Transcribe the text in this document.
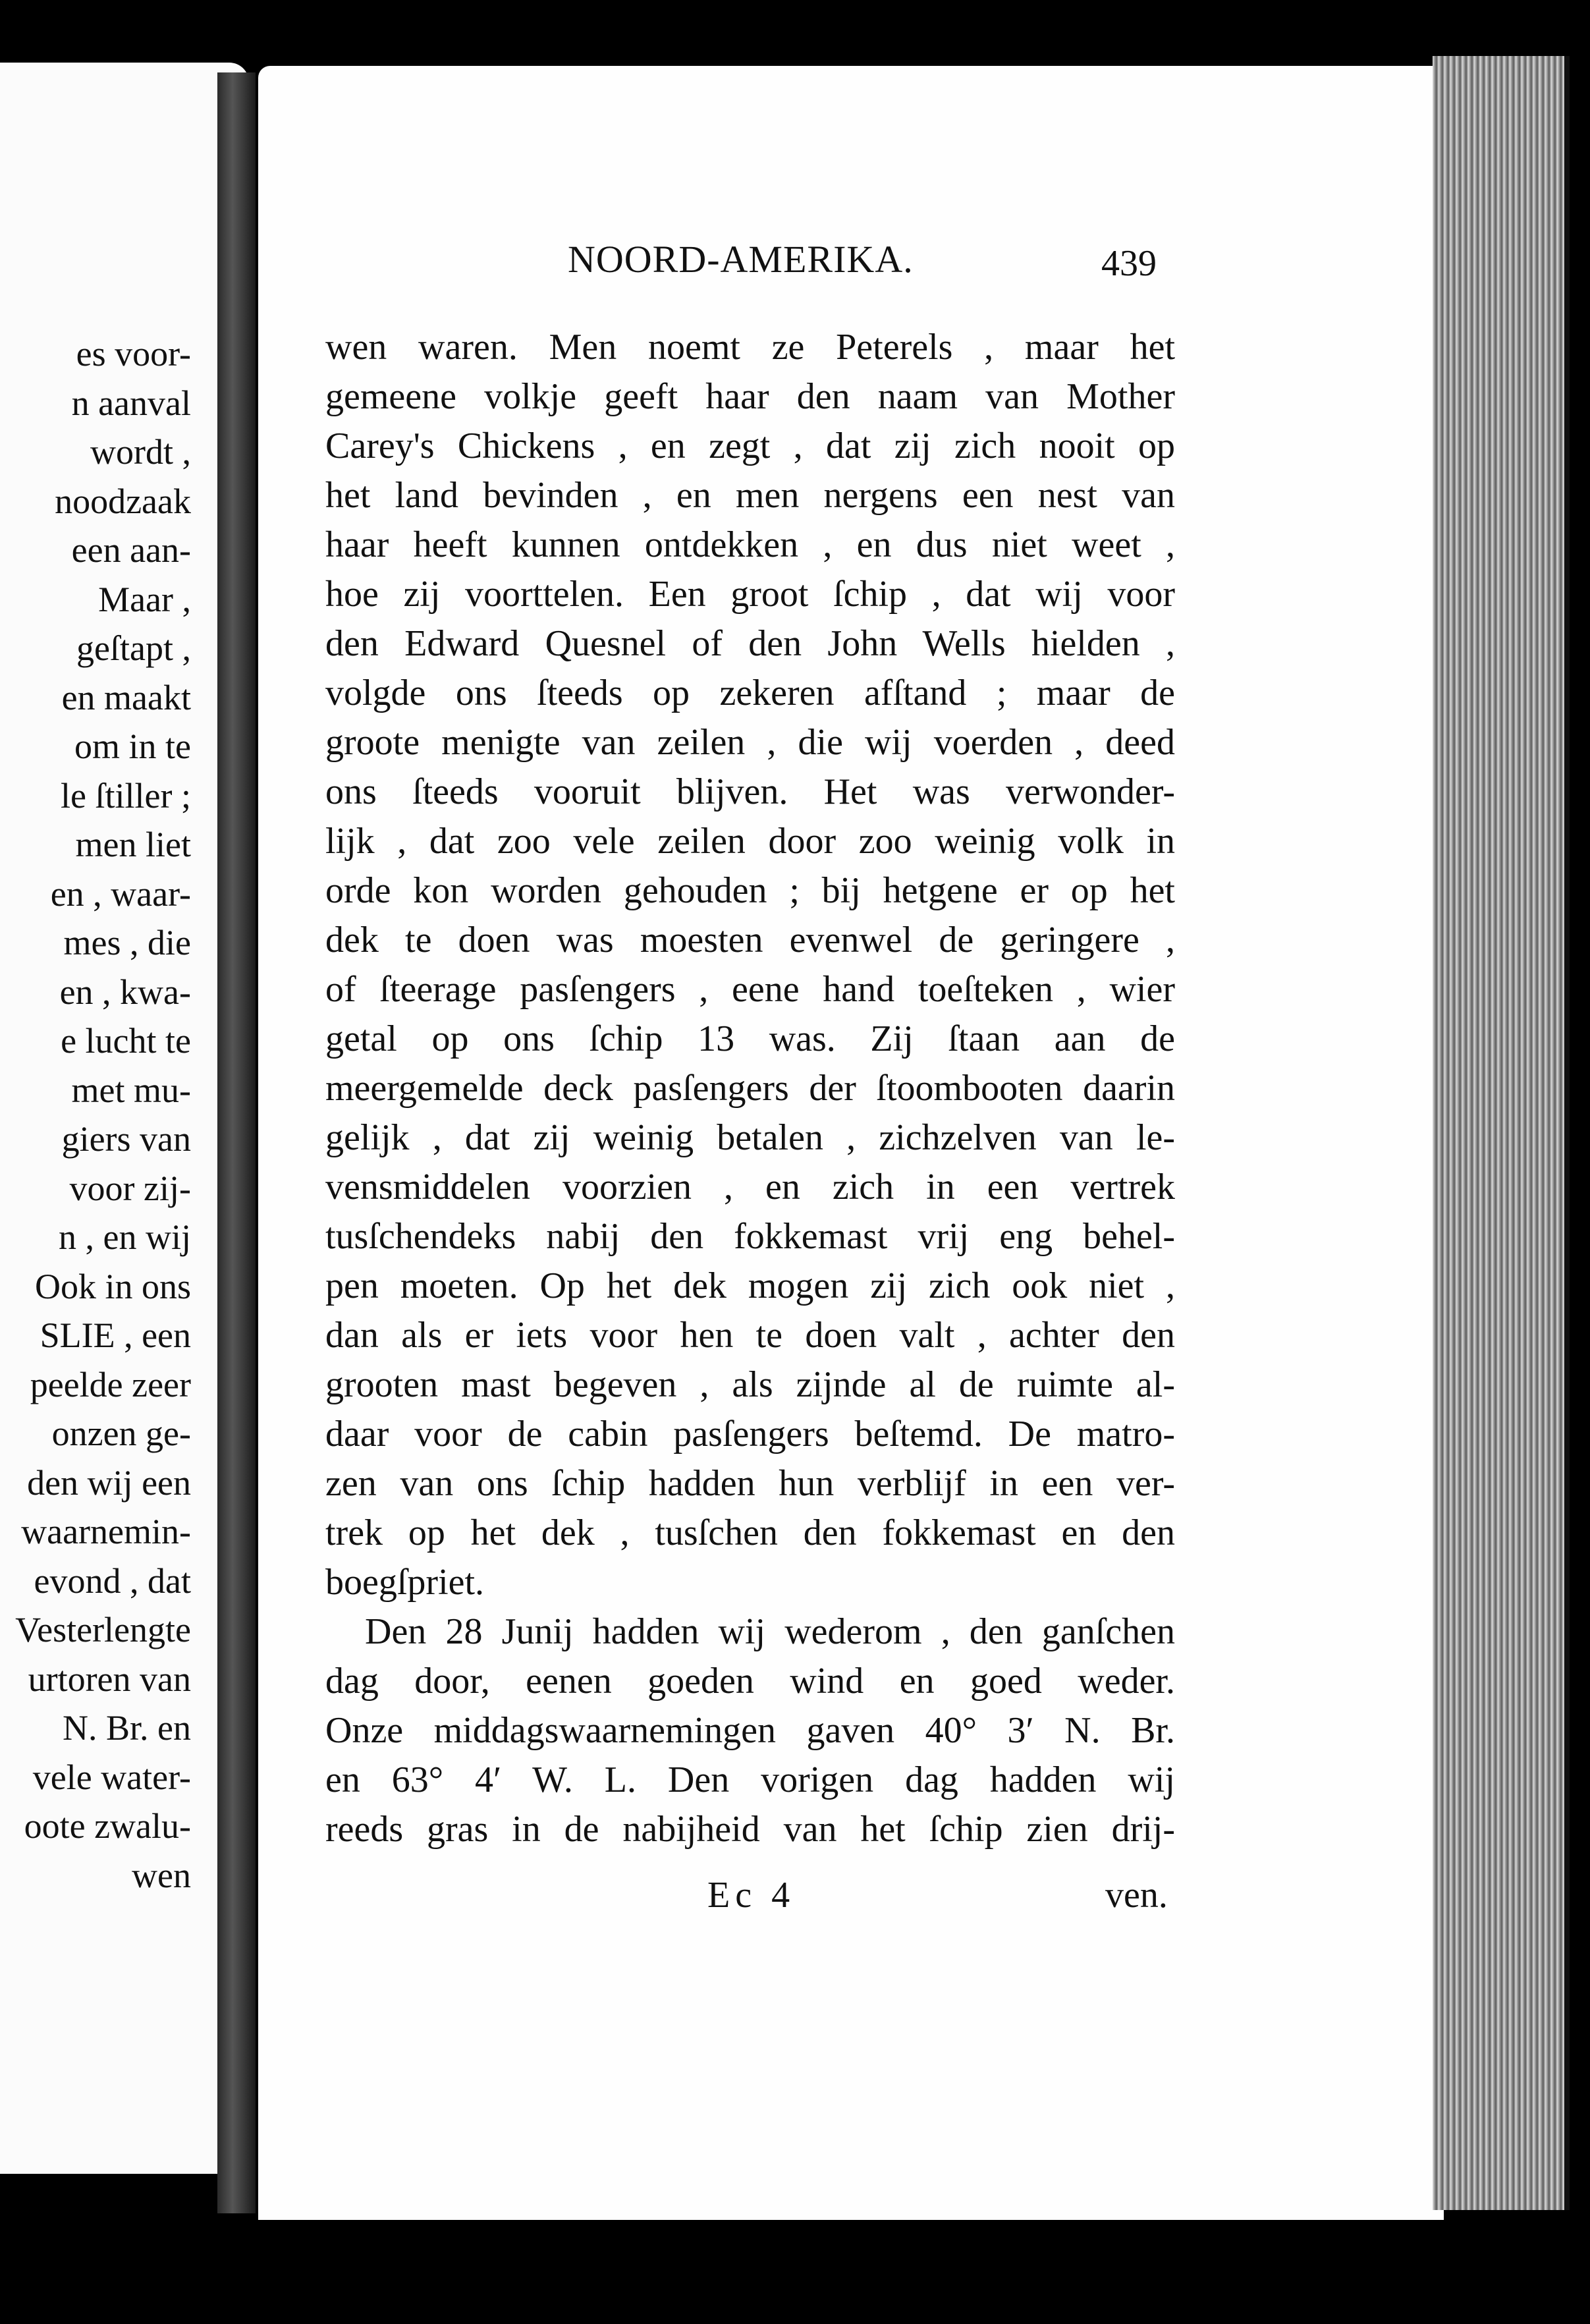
es voor-
n aanval
wordt ,
noodzaak
een aan-
Maar ,
geſtapt ,
en maakt
om in te
le ſtiller ;
men liet
en , waar-
mes , die
en , kwa-
e lucht te
met mu-
giers van
voor zij-
n , en wij
Ook in ons
SLIE , een
peelde zeer
onzen ge-
den wij een
waarnemin-
evond , dat
Vesterlengte
urtoren van
N. Br. en
vele water-
oote zwalu-
wen
NOORD-AMERIKA.	439
wen waren. Men noemt ze Peterels , maar het
gemeene volkje geeft haar den naam van Mother
Carey's Chickens , en zegt , dat zij zich nooit op
het land bevinden , en men nergens een nest van
haar heeft kunnen ontdekken , en dus niet weet ,
hoe zij voorttelen. Een groot ſchip , dat wij voor
den Edward Quesnel of den John Wells hielden ,
volgde ons ſteeds op zekeren afſtand ; maar de
groote menigte van zeilen , die wij voerden , deed
ons ſteeds vooruit blijven. Het was verwonder-
lijk , dat zoo vele zeilen door zoo weinig volk in
orde kon worden gehouden ; bij hetgene er op het
dek te doen was moesten evenwel de geringere ,
of ſteerage pasſengers , eene hand toeſteken , wier
getal op ons ſchip 13 was. Zij ſtaan aan de
meergemelde deck pasſengers der ſtoombooten daarin
gelijk , dat zij weinig betalen , zichzelven van le-
vensmiddelen voorzien , en zich in een vertrek
tusſchendeks nabij den fokkemast vrij eng behel-
pen moeten. Op het dek mogen zij zich ook niet ,
dan als er iets voor hen te doen valt , achter den
grooten mast begeven , als zijnde al de ruimte al-
daar voor de cabin pasſengers beſtemd. De matro-
zen van ons ſchip hadden hun verblijf in een ver-
trek op het dek , tusſchen den fokkemast en den
boegſpriet.
Den 28 Junij hadden wij wederom , den ganſchen
dag door, eenen goeden wind en goed weder.
Onze middagswaarnemingen gaven 40° 3′ N. Br.
en 63° 4′ W. L. Den vorigen dag hadden wij
reeds gras in de nabijheid van het ſchip zien drij-
Ec 4	ven.
